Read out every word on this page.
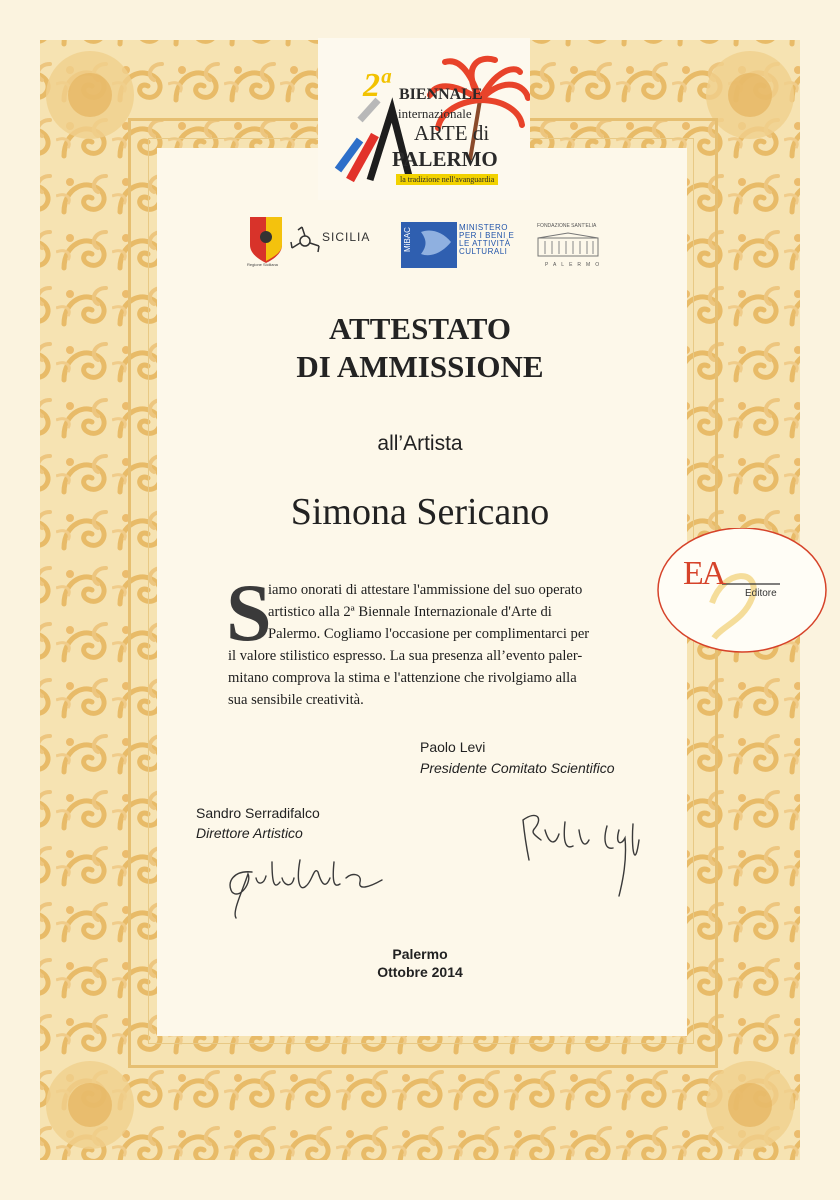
2ª BIENNALE
internazionale
ARTE di
PALERMO
la tradizione nell'avanguardia
Regione Siciliana
SICILIA	MiBAC	MINISTERO
PER I BENI E
LE ATTIVITÀ
CULTURALI
FONDAZIONE SANT'ELIA
PALERMO
ATTESTATO
DI AMMISSIONE
all’Artista
Simona Sericano
S
iamo onorati di attestare l'ammissione del suo operato
artistico alla 2ª Biennale Internazionale d'Arte di
Palermo. Cogliamo l'occasione per complimentarci per
il valore stilistico espresso. La sua presenza all’evento paler-
mitano comprova la stima e l'attenzione che rivolgiamo alla
sua sensibile creatività.
Paolo Levi
Presidente Comitato Scientifico
Sandro Serradifalco
Direttore Artistico
Palermo
Ottobre 2014
EA
Editore
